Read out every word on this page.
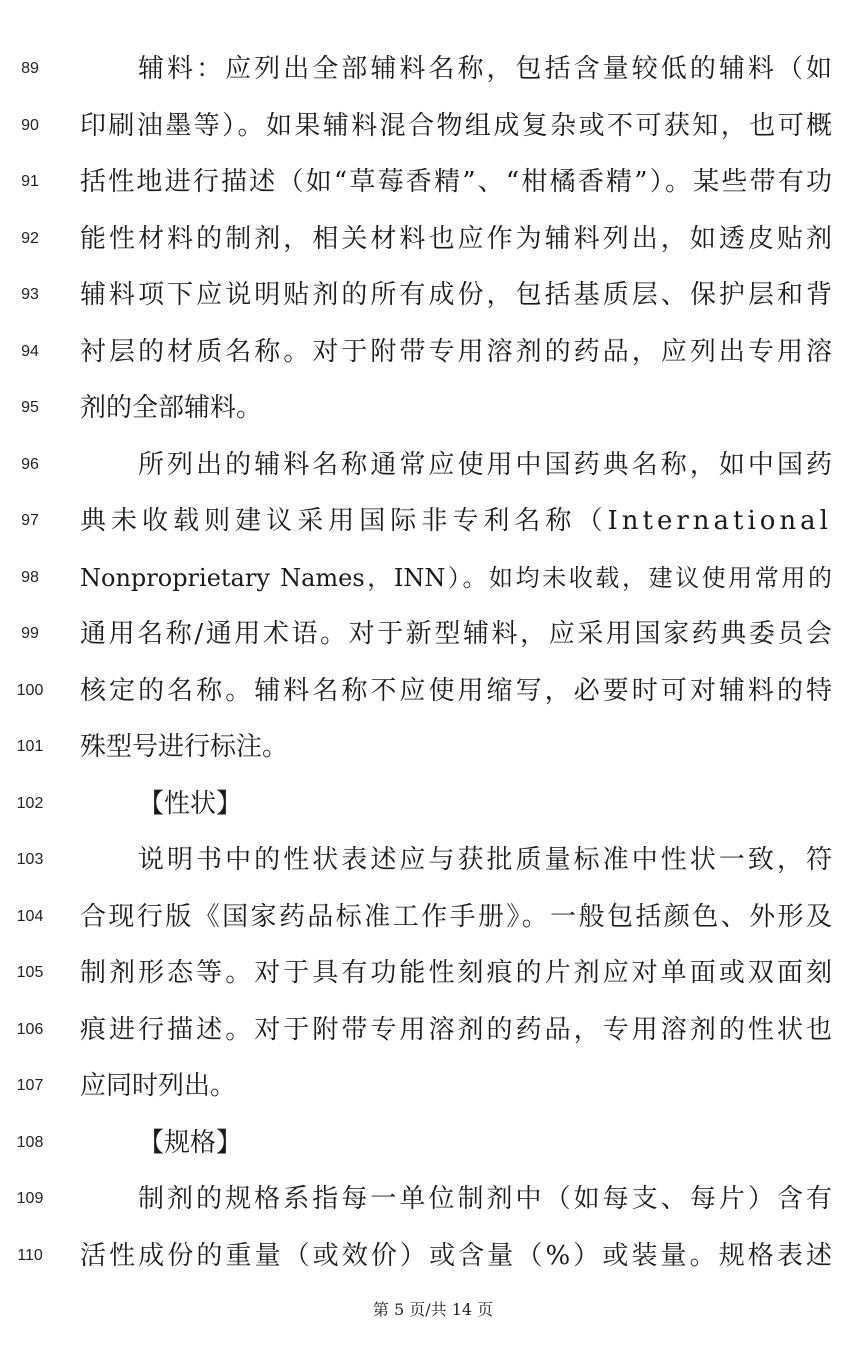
89	辅料：应列出全部辅料名称，包括含量较低的辅料（如
90	印刷油墨等）。如果辅料混合物组成复杂或不可获知，也可概
91	括性地进行描述（如“草莓香精”、“柑橘香精”）。某些带有功
92	能性材料的制剂，相关材料也应作为辅料列出，如透皮贴剂
93	辅料项下应说明贴剂的所有成份，包括基质层、保护层和背
94	衬层的材质名称。对于附带专用溶剂的药品，应列出专用溶
95	剂的全部辅料。
96	所列出的辅料名称通常应使用中国药典名称，如中国药
97	典未收载则建议采用国际非专利名称（International
98	Nonproprietary Names，INN）。如均未收载，建议使用常用的
99	通用名称/通用术语。对于新型辅料，应采用国家药典委员会
100	核定的名称。辅料名称不应使用缩写，必要时可对辅料的特
101	殊型号进行标注。
102	【性状】
103	说明书中的性状表述应与获批质量标准中性状一致，符
104	合现行版《国家药品标准工作手册》。一般包括颜色、外形及
105	制剂形态等。对于具有功能性刻痕的片剂应对单面或双面刻
106	痕进行描述。对于附带专用溶剂的药品，专用溶剂的性状也
107	应同时列出。
108	【规格】
109	制剂的规格系指每一单位制剂中（如每支、每片）含有
110	活性成份的重量（或效价）或含量（%）或装量。规格表述
第 5 页/共 14 页
